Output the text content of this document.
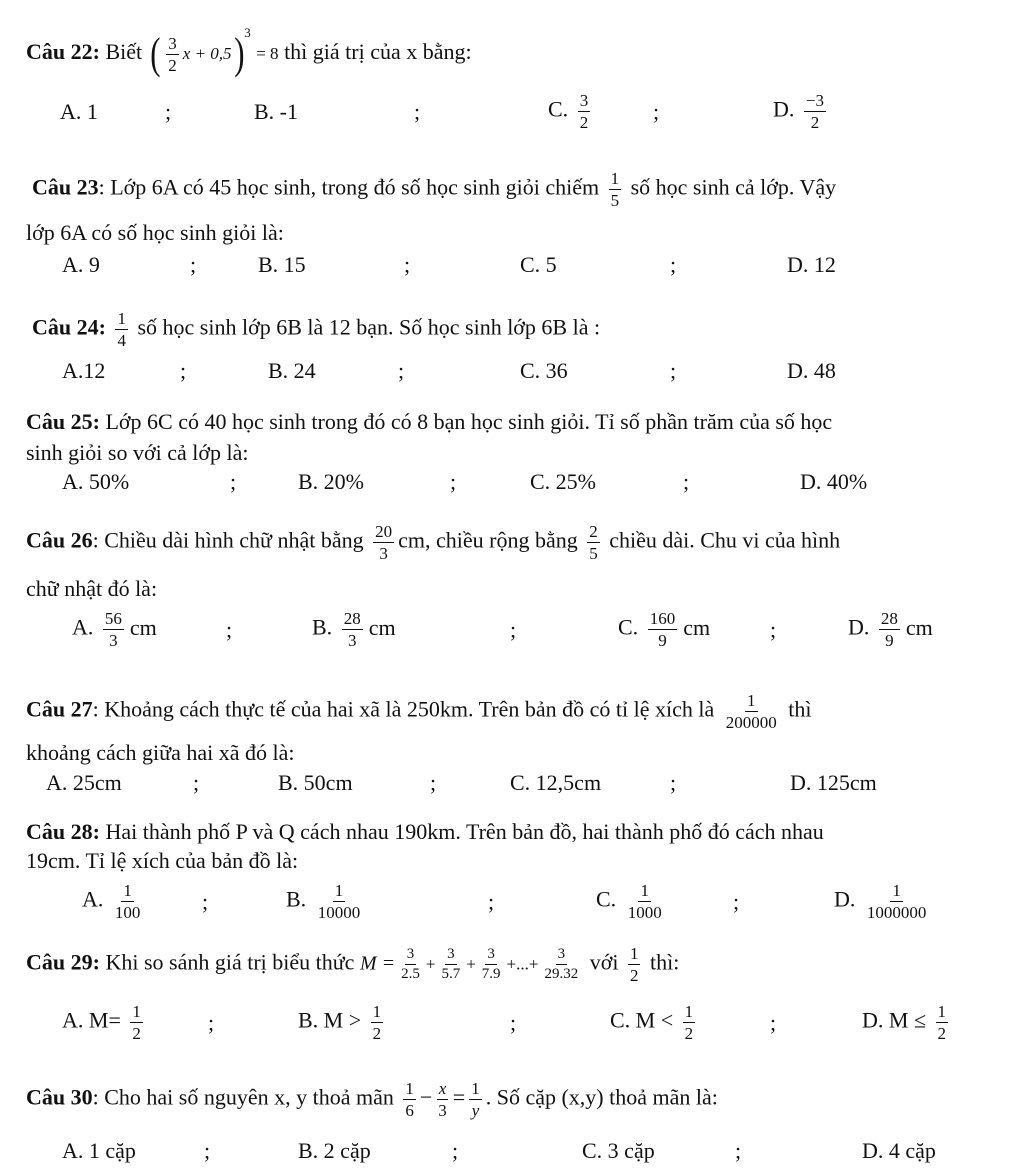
Câu 22: Biết ( $\frac{3}{2}$ x + 0,5)$^3$ = 8 thì giá trị của x bằng:
A. 1	;	B. -1	;	C. $\frac{3}{2}$	;	D. $\frac{-3}{2}$
Câu 23: Lớp 6A có 45 học sinh, trong đó số học sinh giỏi chiếm $\frac{1}{5}$ số học sinh cả lớp. Vậy
lớp 6A có số học sinh giỏi là:
A. 9	;	B. 15	;	C. 5	;	D. 12
Câu 24: $\frac{1}{4}$ số học sinh lớp 6B là 12 bạn. Số học sinh lớp 6B là :
A.12	;	B. 24	;	C. 36	;	D. 48
Câu 25: Lớp 6C có 40 học sinh trong đó có 8 bạn học sinh giỏi. Tỉ số phần trăm của số học
sinh giỏi so với cả lớp là:
A. 50%	;	B. 20%	;	C. 25%	;	D. 40%
Câu 26: Chiều dài hình chữ nhật bằng $\frac{20}{3}$ cm, chiều rộng bằng $\frac{2}{5}$ chiều dài. Chu vi của hình
chữ nhật đó là:
A. $\frac{56}{3}$ cm	;	B. $\frac{28}{3}$ cm	;	C. $\frac{160}{9}$ cm	;	D. $\frac{28}{9}$ cm
Câu 27: Khoảng cách thực tế của hai xã là 250km. Trên bản đồ có tỉ lệ xích là $\frac{1}{200000}$ thì
khoảng cách giữa hai xã đó là:
A. 25cm	;	B. 50cm	;	C. 12,5cm	;	D. 125cm
Câu 28: Hai thành phố P và Q cách nhau 190km. Trên bản đồ, hai thành phố đó cách nhau
19cm. Tỉ lệ xích của bản đồ là:
A. $\frac{1}{100}$	;	B. $\frac{1}{10000}$	;	C. $\frac{1}{1000}$	;	D. $\frac{1}{1000000}$
Câu 29: Khi so sánh giá trị biểu thức $M = \frac{3}{2.5} + \frac{3}{5.7} + \frac{3}{7.9}$ +...+ $\frac{3}{29.32}$ với $\frac{1}{2}$ thì:
A. $M= \frac{1}{2}$	;	B. $M > \frac{1}{2}$	;	C. $M < \frac{1}{2}$	;	D. $M \le \frac{1}{2}$
Câu 30: Cho hai số nguyên x, y thoả mãn $\frac{1}{6} - \frac{x}{3} = \frac{1}{y}$ . Số cặp (x,y) thoả mãn là:
A. 1 cặp	;	B. 2 cặp	;	C. 3 cặp	;	D. 4 cặp
